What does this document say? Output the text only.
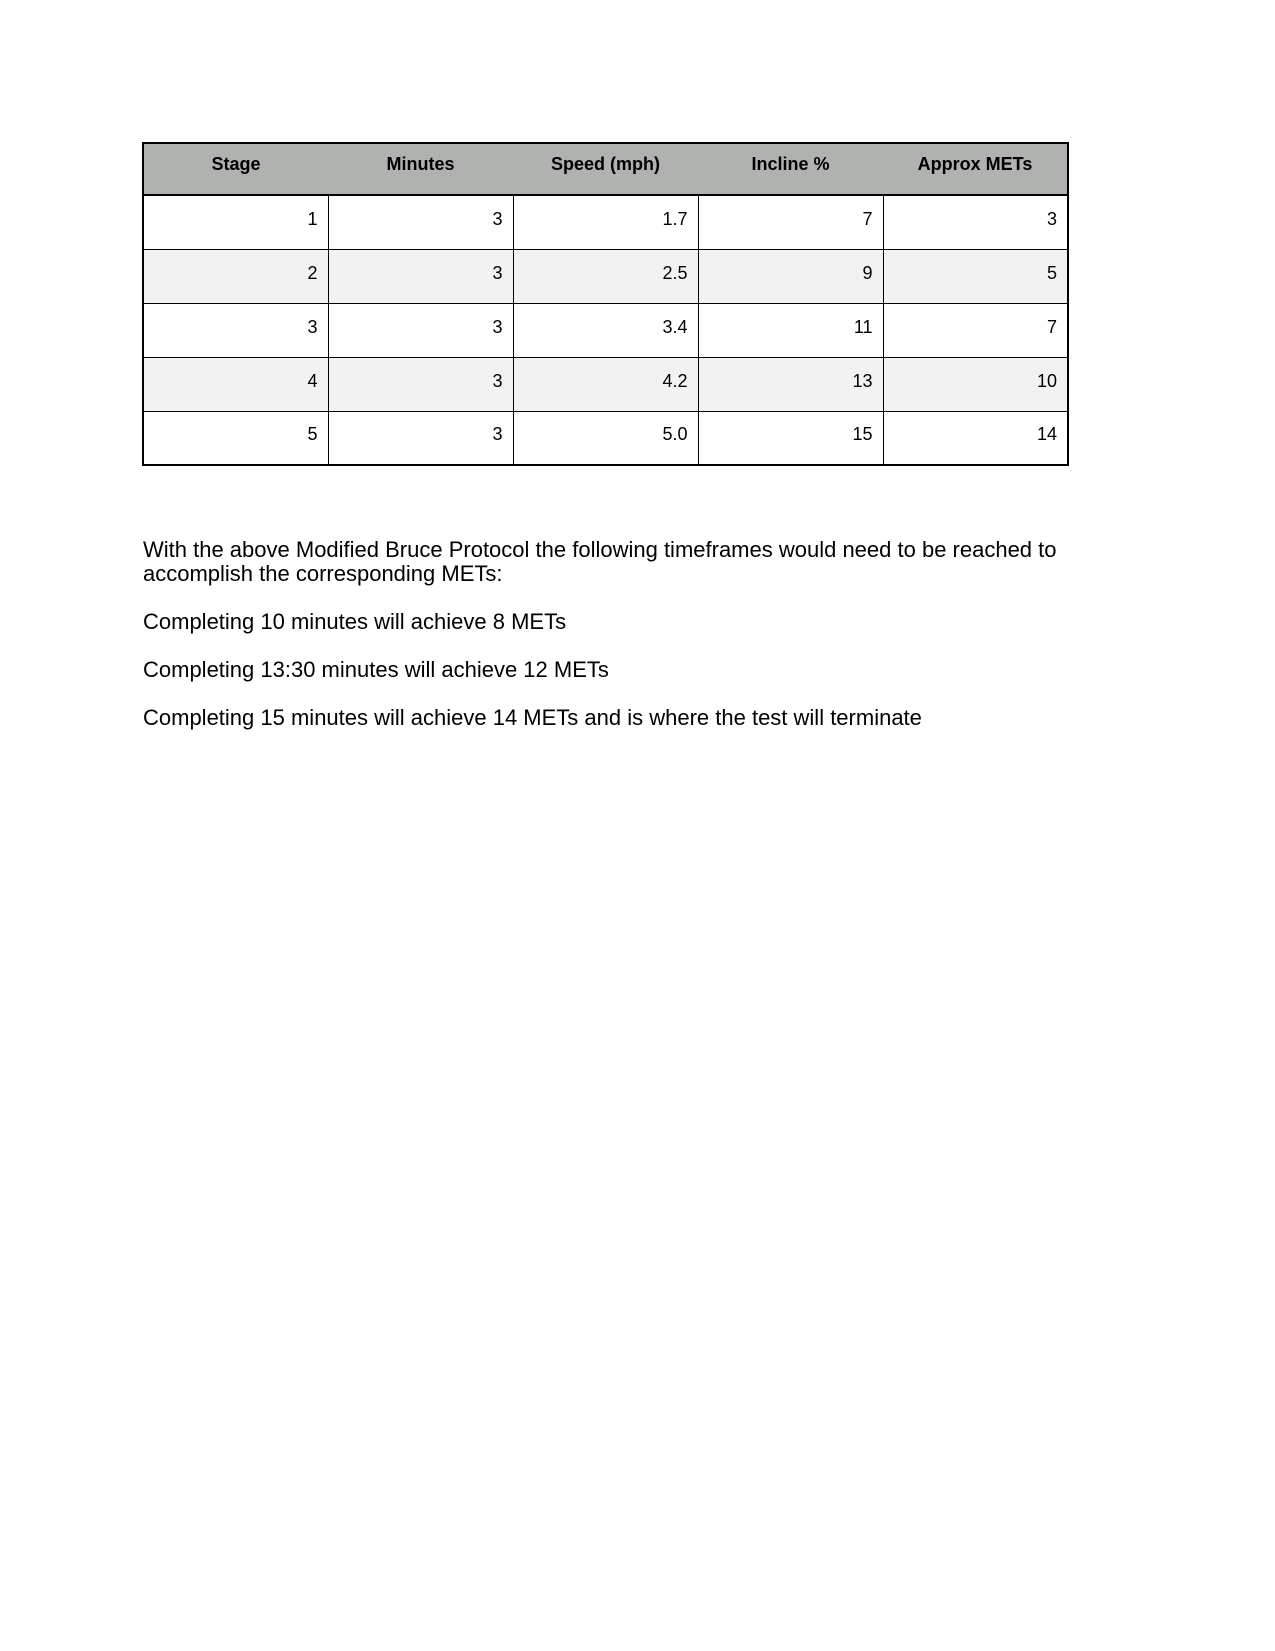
Stage	Minutes	Speed (mph)	Incline %	Approx METs
1	3	1.7	7	3
2	3	2.5	9	5
3	3	3.4	11	7
4	3	4.2	13	10
5	3	5.0	15	14

With the above Modified Bruce Protocol the following timeframes would need to be reached to accomplish the corresponding METs:

Completing 10 minutes will achieve 8 METs

Completing 13:30 minutes will achieve 12 METs

Completing 15 minutes will achieve 14 METs and is where the test will terminate
